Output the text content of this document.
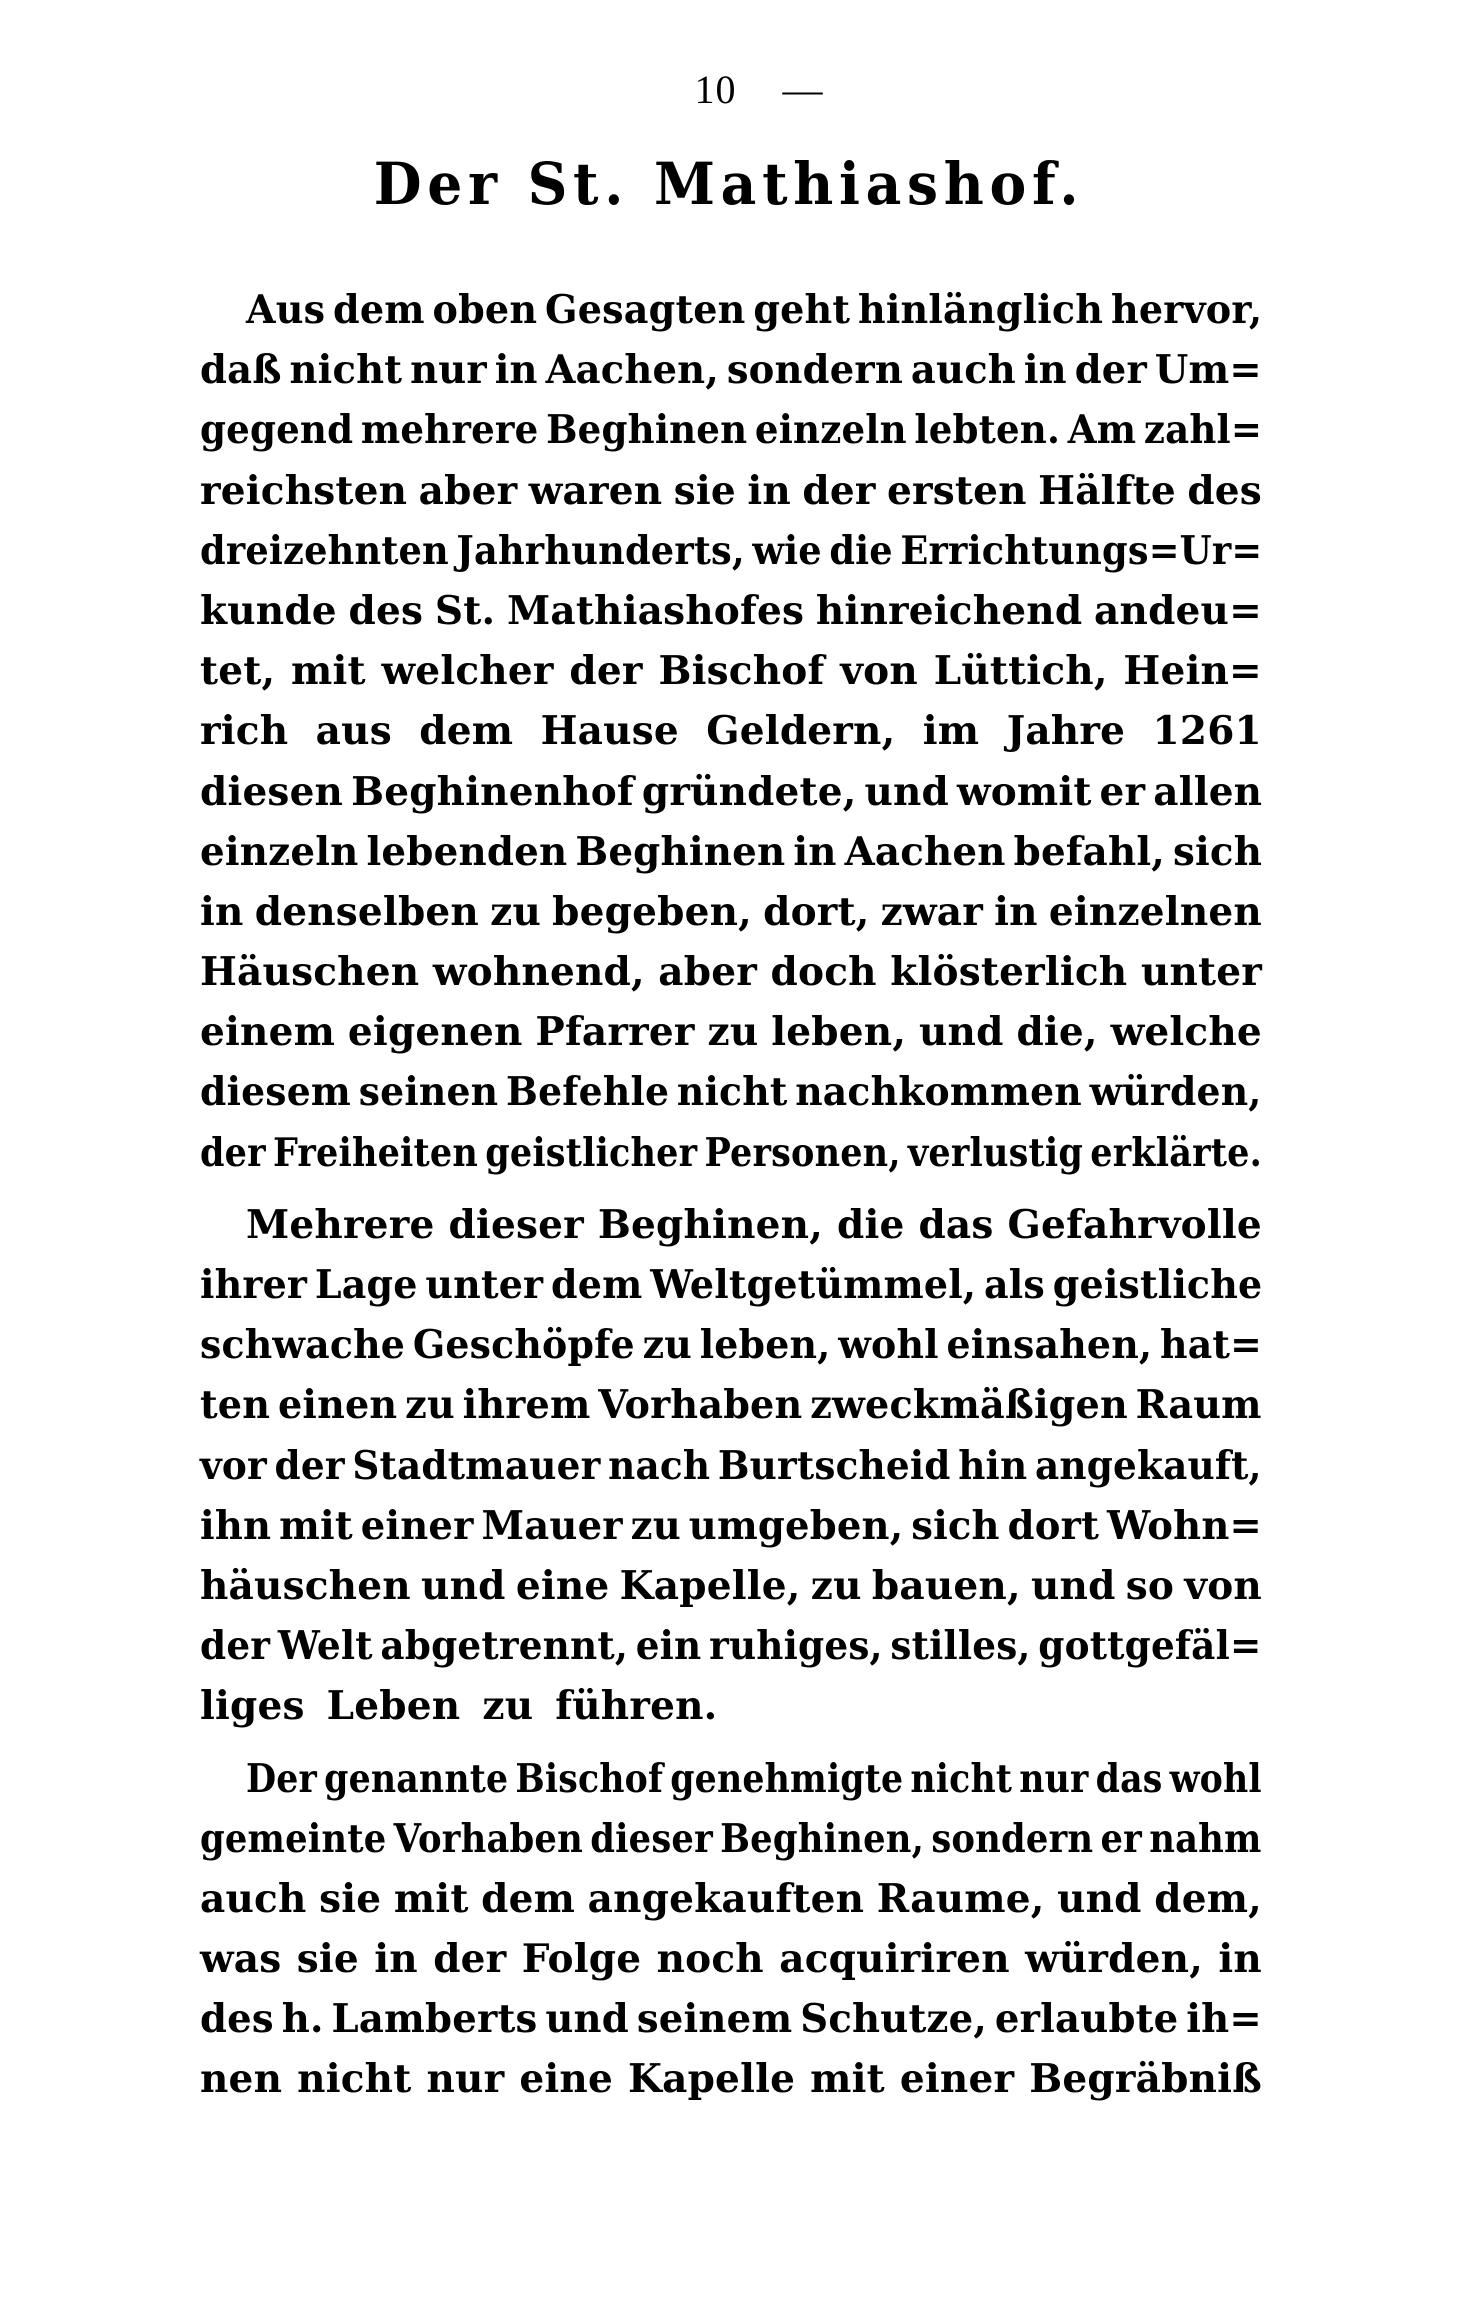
10 —
Der St. Mathiashof.
Aus dem oben Gesagten geht hinlänglich hervor,
daß nicht nur in Aachen, sondern auch in der Um=
gegend mehrere Beghinen einzeln lebten. Am zahl=
reichsten aber waren sie in der ersten Hälfte des
dreizehnten Jahrhunderts, wie die Errichtungs=Ur=
kunde des St. Mathiashofes hinreichend andeu=
tet, mit welcher der Bischof von Lüttich, Hein=
rich aus dem Hause Geldern, im Jahre 1261
diesen Beghinenhof gründete, und womit er allen
einzeln lebenden Beghinen in Aachen befahl, sich
in denselben zu begeben, dort, zwar in einzelnen
Häuschen wohnend, aber doch klösterlich unter
einem eigenen Pfarrer zu leben, und die, welche
diesem seinen Befehle nicht nachkommen würden,
der Freiheiten geistlicher Personen, verlustig erklärte.
Mehrere dieser Beghinen, die das Gefahrvolle
ihrer Lage unter dem Weltgetümmel, als geistliche
schwache Geschöpfe zu leben, wohl einsahen, hat=
ten einen zu ihrem Vorhaben zweckmäßigen Raum
vor der Stadtmauer nach Burtscheid hin angekauft,
ihn mit einer Mauer zu umgeben, sich dort Wohn=
häuschen und eine Kapelle, zu bauen, und so von
der Welt abgetrennt, ein ruhiges, stilles, gottgefäl=
liges Leben zu führen.
Der genannte Bischof genehmigte nicht nur das wohl
gemeinte Vorhaben dieser Beghinen, sondern er nahm
auch sie mit dem angekauften Raume, und dem,
was sie in der Folge noch acquiriren würden, in
des h. Lamberts und seinem Schutze, erlaubte ih=
nen nicht nur eine Kapelle mit einer Begräbniß
